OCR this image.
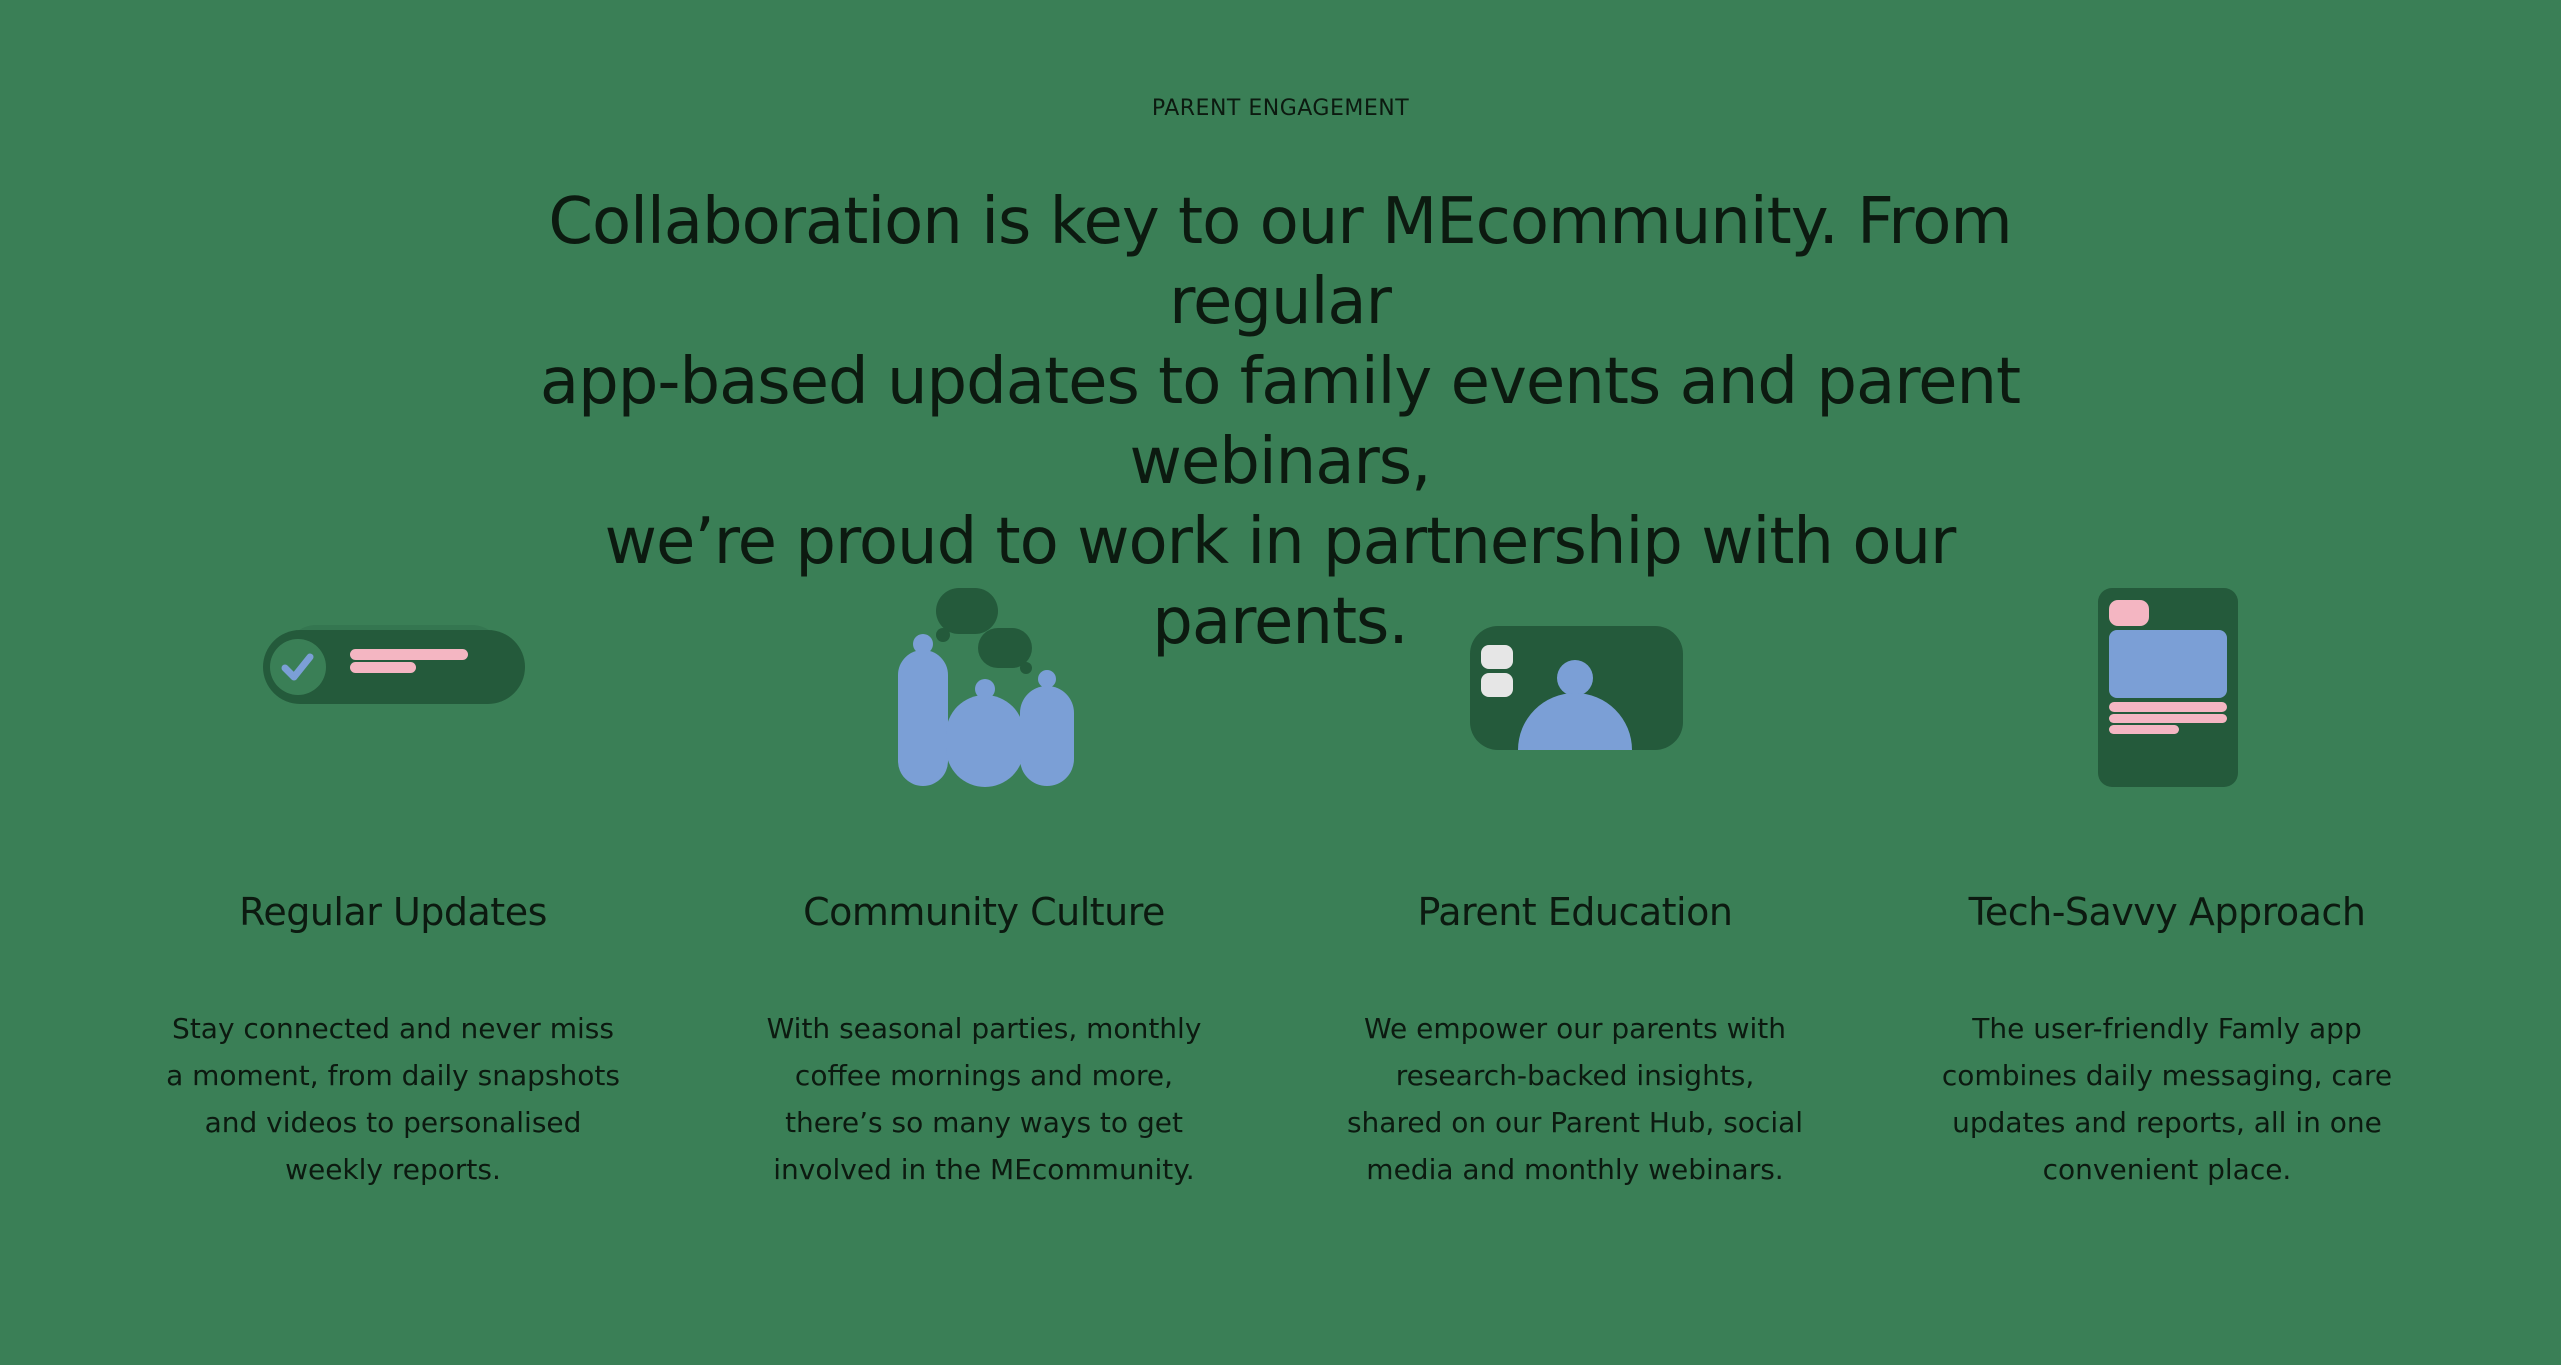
PARENT ENGAGEMENT
Collaboration is key to our MEcommunity. From regular
app-based updates to family events and parent webinars,
we’re proud to work in partnership with our parents.
Regular Updates

Stay connected and never miss a moment, from daily snapshots and videos to personalised weekly reports.

Community Culture

With seasonal parties, monthly coffee mornings and more, there’s so many ways to get involved in the MEcommunity.

Parent Education

We empower our parents with research-backed insights, shared on our Parent Hub, social media and monthly webinars.

Tech-Savvy Approach

The user-friendly Famly app combines daily messaging, care updates and reports, all in one convenient place.
